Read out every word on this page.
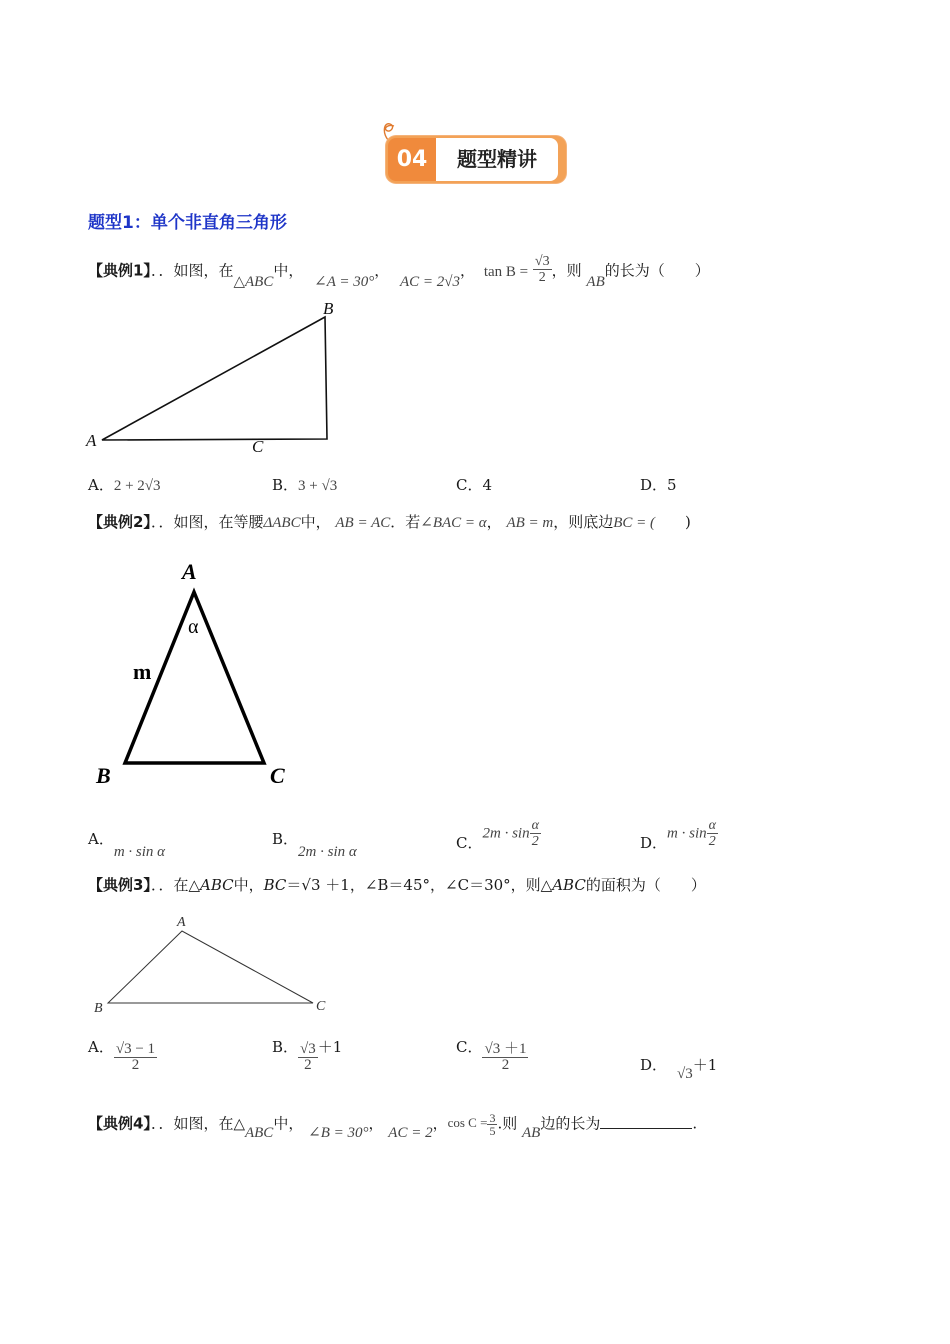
04	题型精讲
题型1：单个非直角三角形
【典例1】．．如图，在△ABC中， ∠A = 30°， AC = 2√3， $\tan B = \frac{√3}{2}$ ，则 AB的长为（　　）
A
B
C
A．2 + 2√3	B．3 + √3	C．4	D．5
【典例2】．．如图，在等腰ΔABC中， AB = AC．若∠BAC = α， AB = m，则底边BC = (　　)
A
B	C
m
α
A．m · sin α
B．2m · sin α
C．$2m \cdot \sin \frac{\alpha}{2}$	D．$m \cdot \sin \frac{\alpha}{2}$
【典例3】．．在△ABC中，BC＝√3 ＋1，∠B＝45°，∠C＝30°，则△ABC的面积为（　　）
A
B	C
A． $\frac{√3 - 1}{2}$	B． $\frac{√3}{2} +1$	C． $\frac{√3 +1}{2}$	D． √3＋1
【典例4】．．如图，在△ABC中， ∠B = 30°， AC = 2，$\cos C = \frac{3}{5}$ .则 AB边的长为	.
